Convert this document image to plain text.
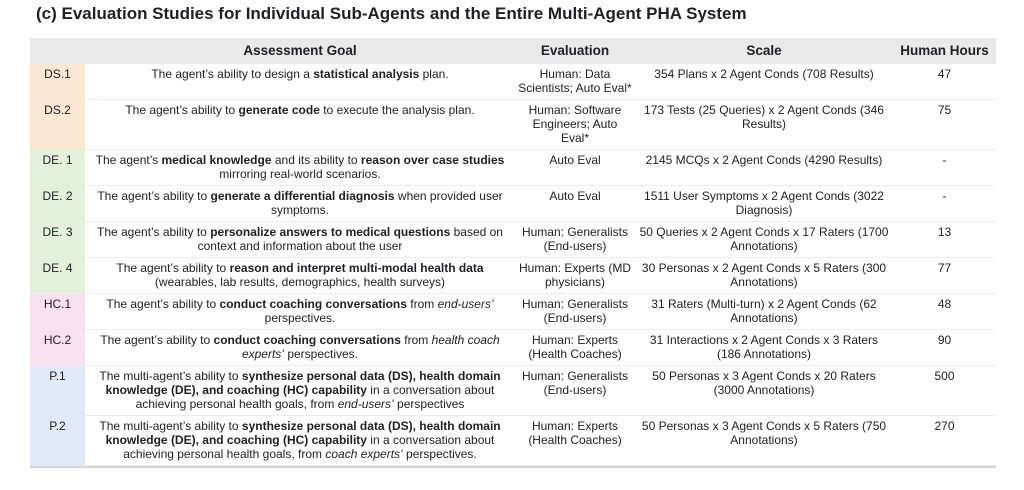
(c) Evaluation Studies for Individual Sub-Agents and the Entire Multi-Agent PHA System
	Assessment Goal	Evaluation	Scale	Human Hours
DS.1	The agent’s ability to design a statistical analysis plan.	Human: Data Scientists; Auto Eval*	354 Plans x 2 Agent Conds (708 Results)	47
DS.2	The agent’s ability to generate code to execute the analysis plan.	Human: Software Engineers; Auto Eval*	173 Tests (25 Queries) x 2 Agent Conds (346 Results)	75
DE. 1	The agent’s medical knowledge and its ability to reason over case studies mirroring real-world scenarios.	Auto Eval	2145 MCQs x 2 Agent Conds (4290 Results)	-
DE. 2	The agent’s ability to generate a differential diagnosis when provided user symptoms.	Auto Eval	1511 User Symptoms x 2 Agent Conds (3022 Diagnosis)	-
DE. 3	The agent’s ability to personalize answers to medical questions based on context and information about the user	Human: Generalists (End-users)	50 Queries x 2 Agent Conds x 17 Raters (1700 Annotations)	13
DE. 4	The agent’s ability to reason and interpret multi-modal health data (wearables, lab results, demographics, health surveys)	Human: Experts (MD physicians)	30 Personas x 2 Agent Conds x 5 Raters (300 Annotations)	77
HC.1	The agent’s ability to conduct coaching conversations from end-users’ perspectives.	Human: Generalists (End-users)	31 Raters (Multi-turn) x 2 Agent Conds (62 Annotations)	48
HC.2	The agent’s ability to conduct coaching conversations from health coach experts’ perspectives.	Human: Experts (Health Coaches)	31 Interactions x 2 Agent Conds x 3 Raters (186 Annotations)	90
P.1	The multi-agent’s ability to synthesize personal data (DS), health domain knowledge (DE), and coaching (HC) capability in a conversation about achieving personal health goals, from end-users’ perspectives	Human: Generalists (End-users)	50 Personas x 3 Agent Conds x 20 Raters (3000 Annotations)	500
P.2	The multi-agent’s ability to synthesize personal data (DS), health domain knowledge (DE), and coaching (HC) capability in a conversation about achieving personal health goals, from coach experts’ perspectives.	Human: Experts (Health Coaches)	50 Personas x 3 Agent Conds x 5 Raters (750 Annotations)	270
